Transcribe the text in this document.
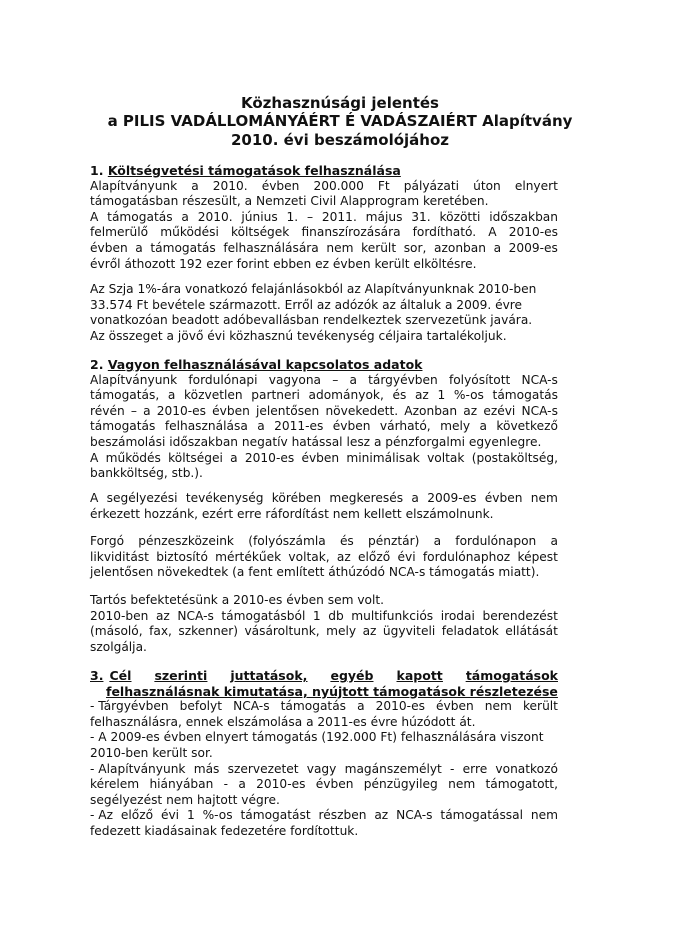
Közhasznúsági jelentés
a PILIS VADÁLLOMÁNYÁÉRT É VADÁSZAIÉRT Alapítvány
2010. évi beszámolójához
1. Költségvetési támogatások felhasználása
Alapítványunk a 2010. évben 200.000 Ft pályázati úton elnyert
támogatásban részesült, a Nemzeti Civil Alapprogram keretében.
A támogatás a 2010. június 1. – 2011. május 31. közötti időszakban
felmerülő működési költségek finanszírozására fordítható. A 2010-es
évben a támogatás felhasználására nem került sor, azonban a 2009-es
évről áthozott 192 ezer forint ebben ez évben került elköltésre.
Az Szja 1%-ára vonatkozó felajánlásokból az Alapítványunknak 2010-ben
33.574 Ft bevétele származott. Erről az adózók az általuk a 2009. évre
vonatkozóan beadott adóbevallásban rendelkeztek szervezetünk javára.
Az összeget a jövő évi közhasznú tevékenység céljaira tartalékoljuk.
2. Vagyon felhasználásával kapcsolatos adatok
Alapítványunk fordulónapi vagyona – a tárgyévben folyósított NCA-s
támogatás, a közvetlen partneri adományok, és az 1 %-os támogatás
révén – a 2010-es évben jelentősen növekedett. Azonban az ezévi NCA-s
támogatás felhasználása a 2011-es évben várható, mely a következő
beszámolási időszakban negatív hatással lesz a pénzforgalmi egyenlegre.
A működés költségei a 2010-es évben minimálisak voltak (postaköltség,
bankköltség, stb.).
A segélyezési tevékenység körében megkeresés a 2009-es évben nem
érkezett hozzánk, ezért erre ráfordítást nem kellett elszámolnunk.
Forgó pénzeszközeink (folyószámla és pénztár) a fordulónapon a
likviditást biztosító mértékűek voltak, az előző évi fordulónaphoz képest
jelentősen növekedtek (a fent említett áthúzódó NCA-s támogatás miatt).
Tartós befektetésünk a 2010-es évben sem volt.
2010-ben az NCA-s támogatásból 1 db multifunkciós irodai berendezést
(másoló, fax, szkenner) vásároltunk, mely az ügyviteli feladatok ellátását
szolgálja.
3. Cél szerinti juttatások, egyéb kapott támogatások
felhasználásnak kimutatása, nyújtott támogatások részletezése
- Tárgyévben befolyt NCA-s támogatás a 2010-es évben nem került
felhasználásra, ennek elszámolása a 2011-es évre húzódott át.
- A 2009-es évben elnyert támogatás (192.000 Ft) felhasználására viszont
2010-ben került sor.
- Alapítványunk más szervezetet vagy magánszemélyt - erre vonatkozó
kérelem hiányában - a 2010-es évben pénzügyileg nem támogatott,
segélyezést nem hajtott végre.
- Az előző évi 1 %-os támogatást részben az NCA-s támogatással nem
fedezett kiadásainak fedezetére fordítottuk.
